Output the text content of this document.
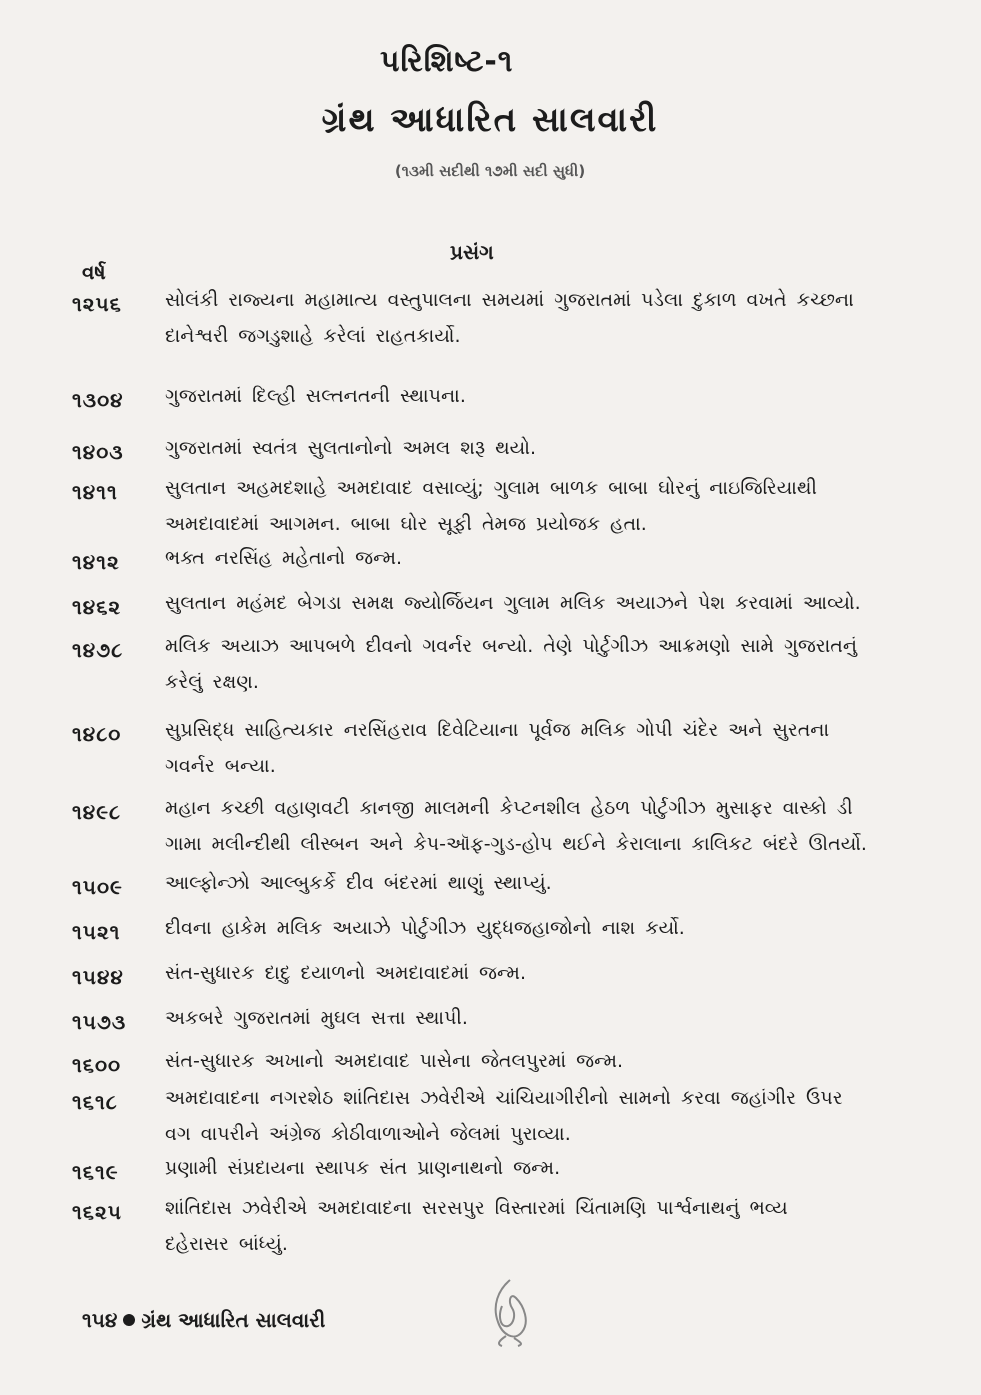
પરિશિષ્ટ-૧
ગ્રંથ આધારિત સાલવારી
(૧૩મી સદીથી ૧૭મી સદી સુધી)
પ્રસંગ
વર્ષ
૧૨૫૬	સોલંકી રાજ્યના મહામાત્ય વસ્તુપાલના સમયમાં ગુજરાતમાં પડેલા દુકાળ વખતે કચ્છના
દાનેશ્વરી જગડુશાહે કરેલાં રાહતકાર્યો.
૧૩૦૪	ગુજરાતમાં દિલ્હી સલ્તનતની સ્થાપના.
૧૪૦૩	ગુજરાતમાં સ્વતંત્ર સુલતાનોનો અમલ શરૂ થયો.
૧૪૧૧	સુલતાન અહમદશાહે અમદાવાદ વસાવ્યું; ગુલામ બાળક બાબા ઘોરનું નાઇજિરિયાથી
અમદાવાદમાં આગમન. બાબા ઘોર સૂફી તેમજ પ્રયોજક હતા.
૧૪૧૨	ભક્ત નરસિંહ મહેતાનો જન્મ.
૧૪૬૨	સુલતાન મહંમદ બેગડા સમક્ષ જ્યોર્જિયન ગુલામ મલિક અયાઝને પેશ કરવામાં આવ્યો.
૧૪૭૮	મલિક અયાઝ આપબળે દીવનો ગવર્નર બન્યો. તેણે પોર્ટુગીઝ આક્રમણો સામે ગુજરાતનું
કરેલું રક્ષણ.
૧૪૮૦	સુપ્રસિદ્ધ સાહિત્યકાર નરસિંહરાવ દિવેટિયાના પૂર્વજ મલિક ગોપી ચંદેર અને સુરતના
ગવર્નર બન્યા.
૧૪૯૮	મહાન કચ્છી વહાણવટી કાનજી માલમની કેપ્ટનશીલ હેઠળ પોર્ટુગીઝ મુસાફર વાસ્કો ડી
ગામા મલીન્દીથી લીસ્બન અને કેપ-ઑફ-ગુડ-હોપ થઈને કેરાલાના કાલિકટ બંદરે ઊતર્યો.
૧૫૦૯	આલ્ફોન્ઝો આલ્બુકર્કે દીવ બંદરમાં થાણું સ્થાપ્યું.
૧૫૨૧	દીવના હાકેમ મલિક અયાઝે પોર્ટુગીઝ યુદ્ધજહાજોનો નાશ કર્યો.
૧૫૪૪	સંત-સુધારક દાદુ દયાળનો અમદાવાદમાં જન્મ.
૧૫૭૩	અકબરે ગુજરાતમાં મુઘલ સત્તા સ્થાપી.
૧૬૦૦	સંત-સુધારક અખાનો અમદાવાદ પાસેના જેતલપુરમાં જન્મ.
૧૬૧૮	અમદાવાદના નગરશેઠ શાંતિદાસ ઝવેરીએ ચાંચિયાગીરીનો સામનો કરવા જહાંગીર ઉપર
વગ વાપરીને અંગ્રેજ કોઠીવાળાઓને જેલમાં પુરાવ્યા.
૧૬૧૯	પ્રણામી સંપ્રદાયના સ્થાપક સંત પ્રાણનાથનો જન્મ.
૧૬૨૫	શાંતિદાસ ઝવેરીએ અમદાવાદના સરસપુર વિસ્તારમાં ચિંતામણિ પાર્શ્વનાથનું ભવ્ય
દહેરાસર બાંધ્યું.
૧૫૪ ગ્રંથ આધારિત સાલવારી
